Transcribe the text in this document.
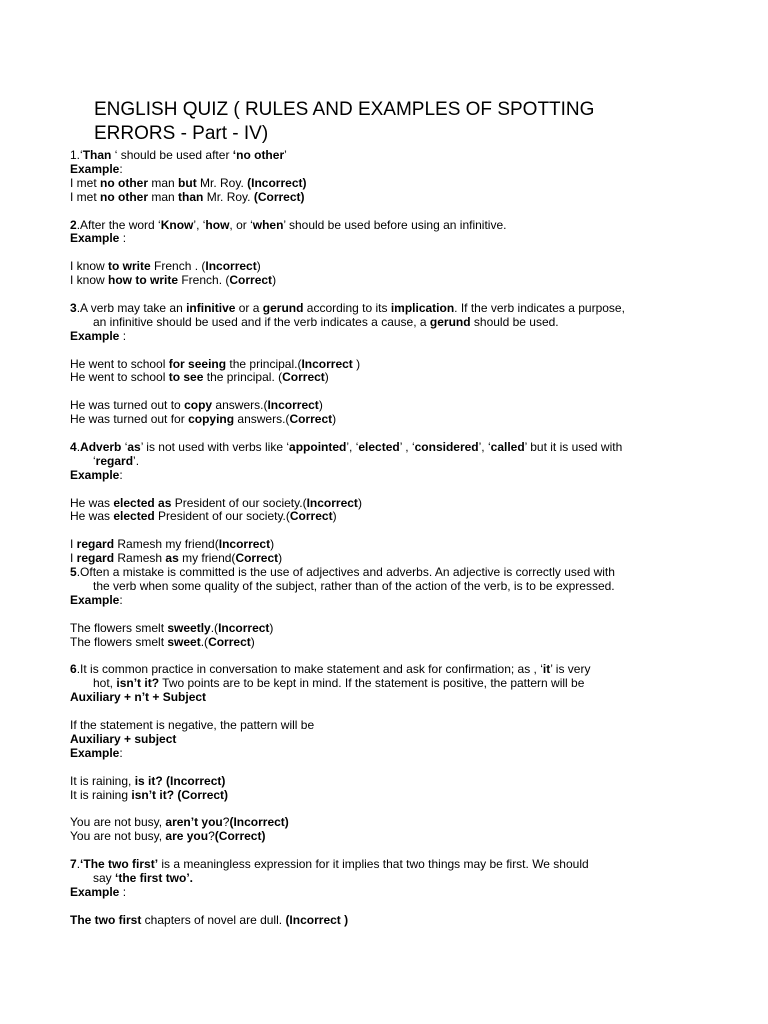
ENGLISH QUIZ ( RULES AND EXAMPLES OF SPOTTING
ERRORS - Part - IV)
1.‘Than ‘ should be used after ‘no other’
Example:
I met no other man but Mr. Roy. (Incorrect)
I met no other man than Mr. Roy. (Correct)
2.After the word ‘Know’, ‘how, or ‘when’ should be used before using an infinitive.
Example :
I know to write French . (Incorrect)
I know how to write French. (Correct)
3.A verb may take an infinitive or a gerund according to its implication. If the verb indicates a purpose,
an infinitive should be used and if the verb indicates a cause, a gerund should be used.
Example :
He went to school for seeing the principal.(Incorrect )
He went to school to see the principal. (Correct)
He was turned out to copy answers.(Incorrect)
He was turned out for copying answers.(Correct)
4.Adverb ‘as’ is not used with verbs like ‘appointed’, ‘elected’ , ‘considered’, ‘called’ but it is used with
‘regard’.
Example:
He was elected as President of our society.(Incorrect)
He was elected President of our society.(Correct)
I regard Ramesh my friend(Incorrect)
I regard Ramesh as my friend(Correct)
5.Often a mistake is committed is the use of adjectives and adverbs. An adjective is correctly used with
the verb when some quality of the subject, rather than of the action of the verb, is to be expressed.
Example:
The flowers smelt sweetly.(Incorrect)
The flowers smelt sweet.(Correct)
6.It is common practice in conversation to make statement and ask for confirmation; as , ‘it’ is very
hot, isn’t it? Two points are to be kept in mind. If the statement is positive, the pattern will be
Auxiliary + n’t + Subject
If the statement is negative, the pattern will be
Auxiliary + subject
Example:
It is raining, is it? (Incorrect)
It is raining isn’t it? (Correct)
You are not busy, aren’t you?(Incorrect)
You are not busy, are you?(Correct)
7.‘The two first’ is a meaningless expression for it implies that two things may be first. We should
say ‘the first two’.
Example :
The two first chapters of novel are dull. (Incorrect )
